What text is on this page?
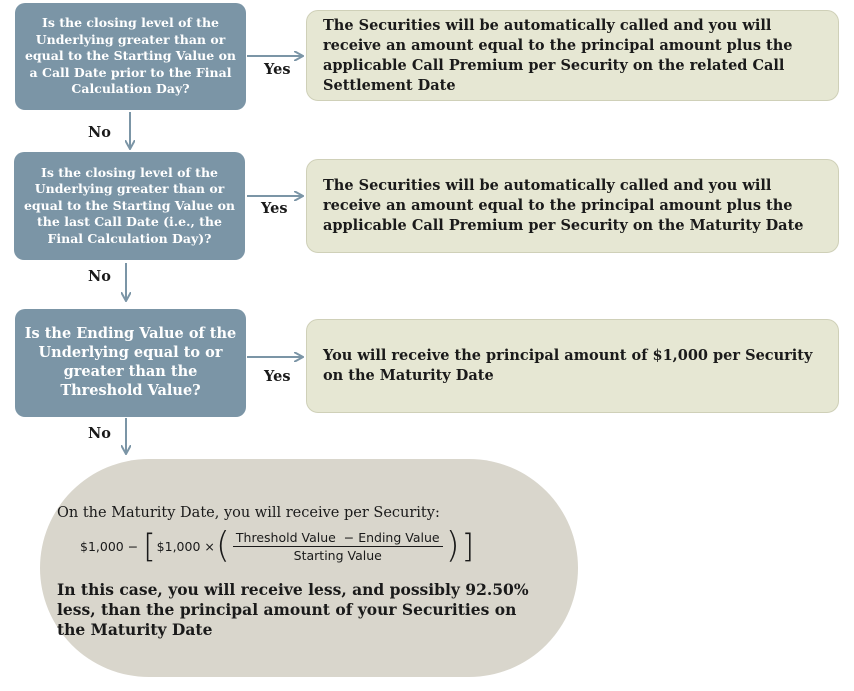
Is the closing level of the Underlying greater than or equal to the Starting Value on a Call Date prior to the Final Calculation Day?
Yes
The Securities will be automatically called and you will receive an amount equal to the principal amount plus the applicable Call Premium per Security on the related Call Settlement Date
No
Is the closing level of the Underlying greater than or equal to the Starting Value on the last Call Date (i.e., the Final Calculation Day)?
Yes
The Securities will be automatically called and you will receive an amount equal to the principal amount plus the applicable Call Premium per Security on the Maturity Date
No
Is the Ending Value of the Underlying equal to or greater than the Threshold Value?
Yes
You will receive the principal amount of $1,000 per Security on the Maturity Date
No
On the Maturity Date, you will receive per Security:
$1,000 − [ $1,000 × ( $\frac{\text{Threshold Value  − Ending Value}}{\text{Starting Value}}$ ) ]
In this case, you will receive less, and possibly 92.50% less, than the principal amount of your Securities on the Maturity Date
